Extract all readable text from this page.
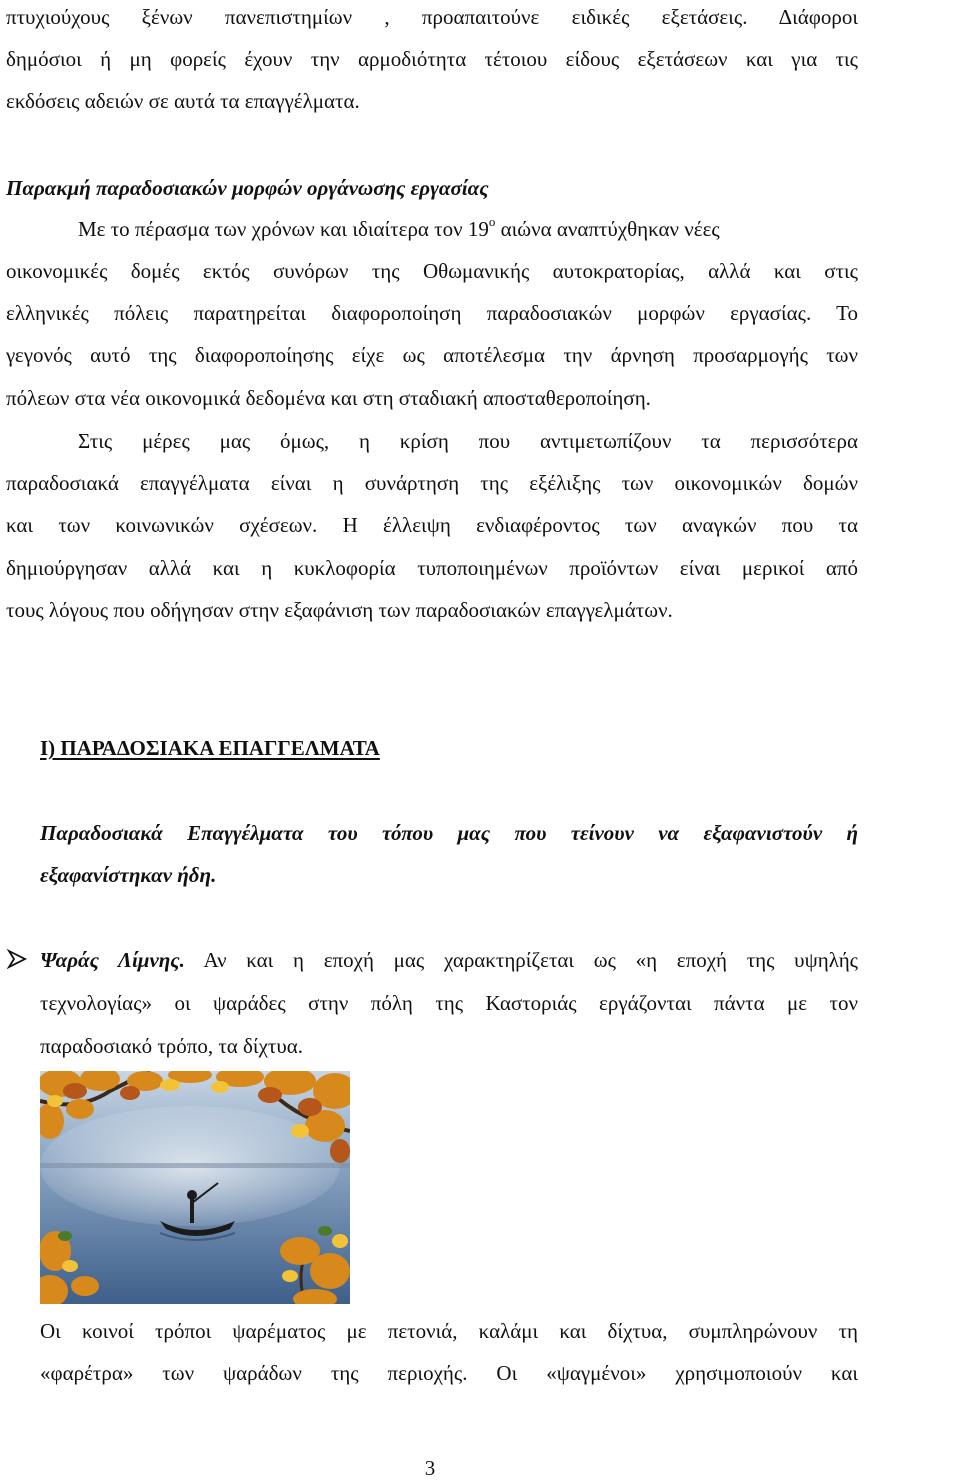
πτυχιούχους ξένων πανεπιστημίων , προαπαιτούνε ειδικές εξετάσεις. Διάφοροι
δημόσιοι ή μη φορείς έχουν την αρμοδιότητα τέτοιου είδους εξετάσεων και για τις
εκδόσεις αδειών σε αυτά τα επαγγέλματα.
Παρακμή παραδοσιακών μορφών οργάνωσης εργασίας
Με το πέρασμα των χρόνων και ιδιαίτερα τον $19^o$ αιώνα αναπτύχθηκαν νέες
οικονομικές δομές εκτός συνόρων της Οθωμανικής αυτοκρατορίας, αλλά και στις
ελληνικές πόλεις παρατηρείται διαφοροποίηση παραδοσιακών μορφών εργασίας. Το
γεγονός αυτό της διαφοροποίησης είχε ως αποτέλεσμα την άρνηση προσαρμογής των
πόλεων στα νέα οικονομικά δεδομένα και στη σταδιακή αποσταθεροποίηση.
Στις μέρες μας όμως, η κρίση που αντιμετωπίζουν τα περισσότερα
παραδοσιακά επαγγέλματα είναι η συνάρτηση της εξέλιξης των οικονομικών δομών
και των κοινωνικών σχέσεων. Η έλλειψη ενδιαφέροντος των αναγκών που τα
δημιούργησαν αλλά και η κυκλοφορία τυποποιημένων προϊόντων είναι μερικοί από
τους λόγους που οδήγησαν στην εξαφάνιση των παραδοσιακών επαγγελμάτων.
Ι) ΠΑΡΑΔΟΣΙΑΚΑ ΕΠΑΓΓΕΛΜΑΤΑ
Παραδοσιακά Επαγγέλματα του τόπου μας που τείνουν να εξαφανιστούν ή
εξαφανίστηκαν ήδη.
Ψαράς Λίμνης. Αν και η εποχή μας χαρακτηρίζεται ως «η εποχή της υψηλής
τεχνολογίας» οι ψαράδες στην πόλη της Καστοριάς εργάζονται πάντα με τον
παραδοσιακό τρόπο, τα δίχτυα.
Οι κοινοί τρόποι ψαρέματος με πετονιά, καλάμι και δίχτυα, συμπληρώνουν τη
«φαρέτρα» των ψαράδων της περιοχής. Οι «ψαγμένοι» χρησιμοποιούν και
3
